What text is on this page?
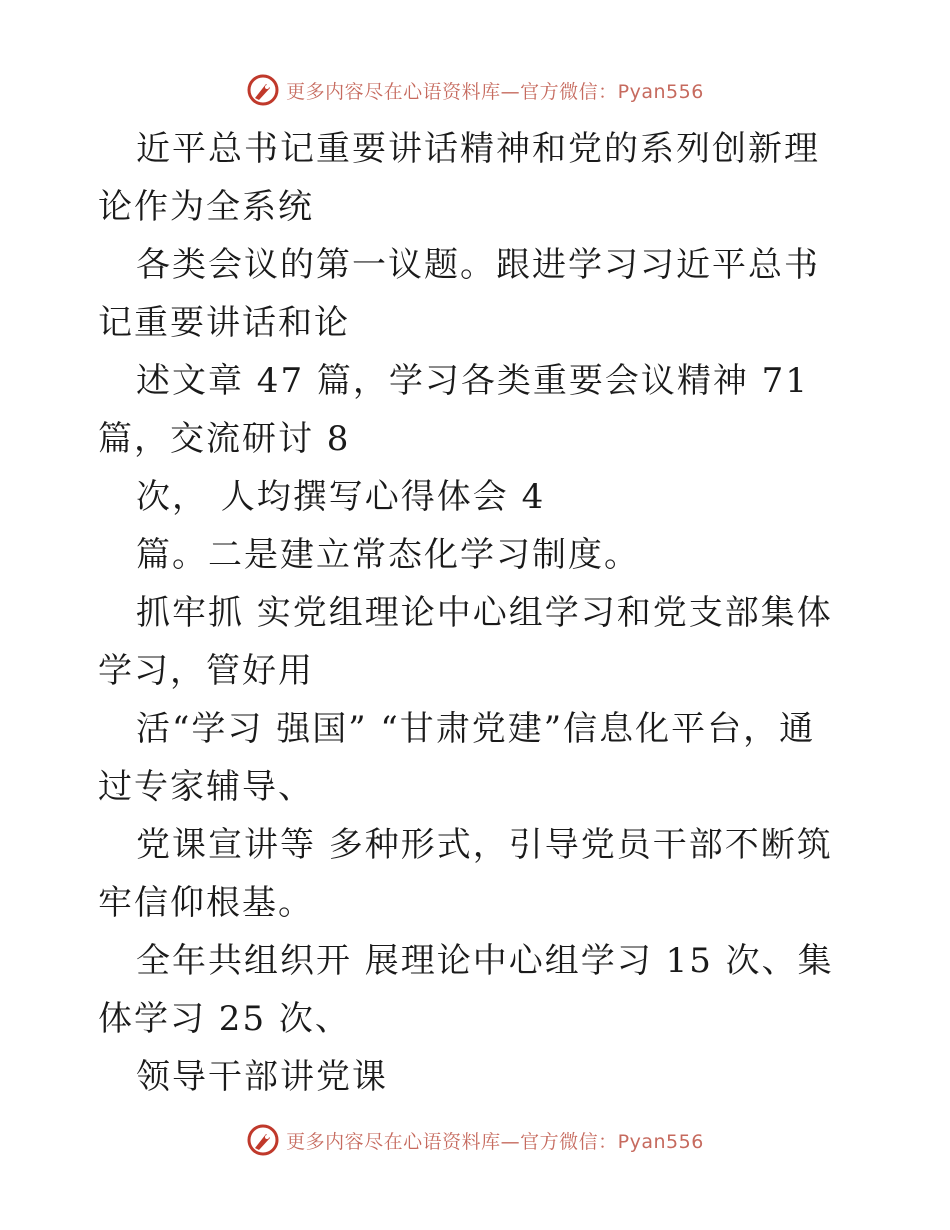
更多内容尽在心语资料库—官方微信：Pyan556

近平总书记重要讲话精神和党的系列创新理论作为全系统

各类会议的第一议题。跟进学习习近平总书记重要讲话和论

述文章 47 篇，学习各类重要会议精神 71 篇，交流研讨 8

次， 人均撰写心得体会 4

篇。二是建立常态化学习制度。

抓牢抓 实党组理论中心组学习和党支部集体学习，管好用

活“学习 强国” “甘肃党建”信息化平台，通过专家辅导、

党课宣讲等 多种形式，引导党员干部不断筑牢信仰根基。

全年共组织开 展理论中心组学习 15 次、集体学习 25 次、

领导干部讲党课

更多内容尽在心语资料库—官方微信：Pyan556
